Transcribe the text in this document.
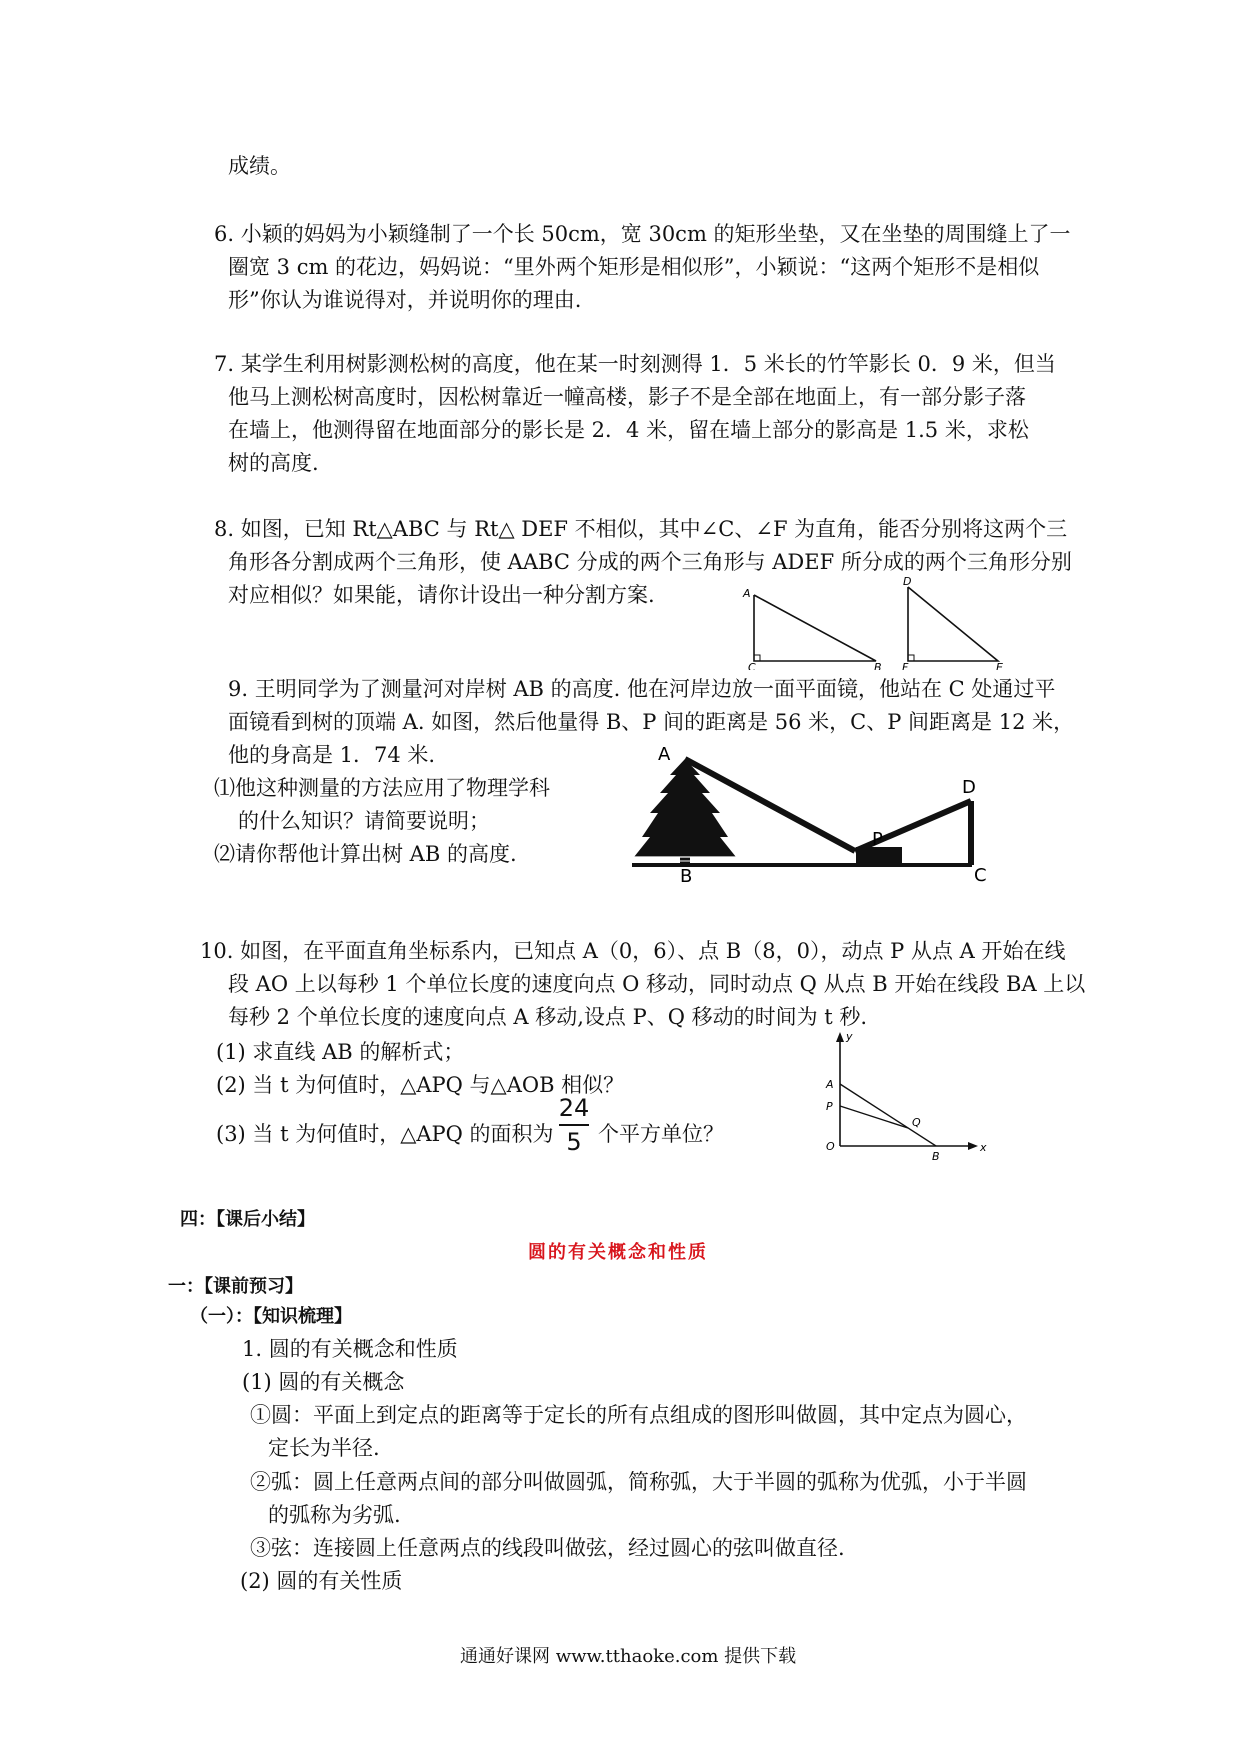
成绩。
6. 小颖的妈妈为小颖缝制了一个长 50cm，宽 30cm 的矩形坐垫，又在坐垫的周围缝上了一
圈宽 3 cm 的花边，妈妈说：“里外两个矩形是相似形”，小颖说：“这两个矩形不是相似
形”你认为谁说得对，并说明你的理由.
7. 某学生利用树影测松树的高度，他在某一时刻测得 1．5 米长的竹竿影长 0．9 米，但当
他马上测松树高度时，因松树靠近一幢高楼，影子不是全部在地面上，有一部分影子落
在墙上，他测得留在地面部分的影长是 2．4 米，留在墙上部分的影高是 1.5 米，求松
树的高度.
8. 如图，已知 Rt△ABC 与 Rt△ DEF 不相似，其中∠C、∠F 为直角，能否分别将这两个三
角形各分割成两个三角形，使 AABC 分成的两个三角形与 ADEF 所分成的两个三角形分别
对应相似？如果能，请你计设出一种分割方案.	A
C	B
D
F	E
9. 王明同学为了测量河对岸树 AB 的高度. 他在河岸边放一面平面镜，他站在 C 处通过平
面镜看到树的顶端 A. 如图，然后他量得 B、P 间的距离是 56 米，C、P 间距离是 12 米，
他的身高是 1．74 米.
⑴他这种测量的方法应用了物理学科
的什么知识？请简要说明；
⑵请你帮他计算出树 AB 的高度.
A
B
P
D
C
10. 如图，在平面直角坐标系内，已知点 A（0，6）、点 B（8，0），动点 P 从点 A 开始在线
段 AO 上以每秒 1 个单位长度的速度向点 O 移动，同时动点 Q 从点 B 开始在线段 BA 上以
每秒 2 个单位长度的速度向点 A 移动,设点 P、Q 移动的时间为 t 秒.
(1) 求直线 AB 的解析式；
(2) 当 t 为何值时，△APQ 与△AOB 相似？
(3) 当 t 为何值时，△APQ 的面积为
24
5 个平方单位？
y
x
A
P
Q
O
B
四：【课后小结】
圆的有关概念和性质
一：【课前预习】
（一）：【知识梳理】
1. 圆的有关概念和性质
(1) 圆的有关概念
①圆：平面上到定点的距离等于定长的所有点组成的图形叫做圆，其中定点为圆心，
定长为半径.
②弧：圆上任意两点间的部分叫做圆弧，简称弧，大于半圆的弧称为优弧，小于半圆
的弧称为劣弧.
③弦：连接圆上任意两点的线段叫做弦，经过圆心的弦叫做直径.
(2) 圆的有关性质
通通好课网 www.tthaoke.com 提供下载
